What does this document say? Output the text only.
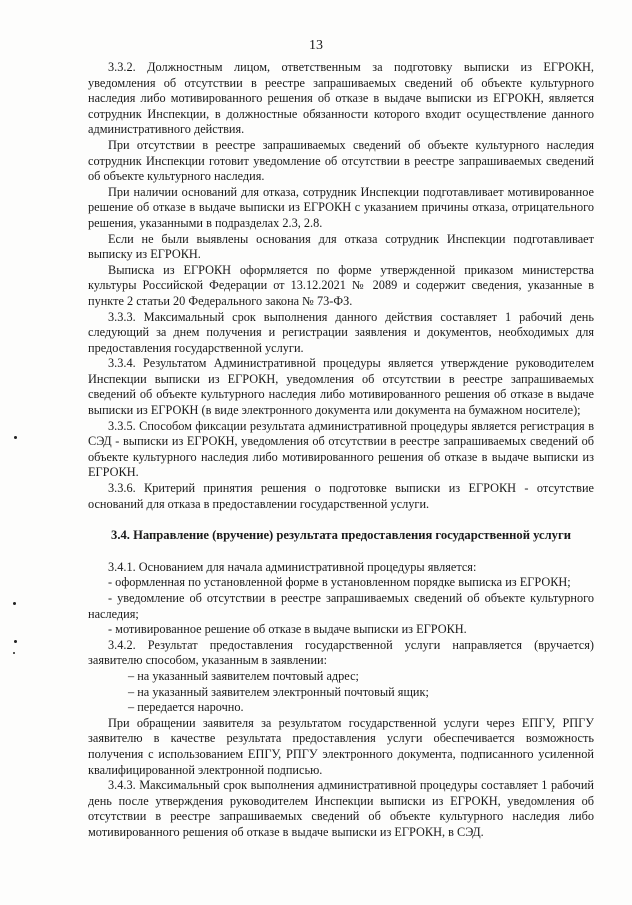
13

3.3.2. Должностным лицом, ответственным за подготовку выписки из ЕГРОКН, уведомления об отсутствии в реестре запрашиваемых сведений об объекте культурного наследия либо мотивированного решения об отказе в выдаче выписки из ЕГРОКН, является сотрудник Инспекции, в должностные обязанности которого входит осуществление данного административного действия.

При отсутствии в реестре запрашиваемых сведений об объекте культурного наследия сотрудник Инспекции готовит уведомление об отсутствии в реестре запрашиваемых сведений об объекте культурного наследия.

При наличии оснований для отказа, сотрудник Инспекции подготавливает мотивированное решение об отказе в выдаче выписки из ЕГРОКН с указанием причины отказа, отрицательного решения, указанными в подразделах 2.3, 2.8.

Если не были выявлены основания для отказа сотрудник Инспекции подготавливает выписку из ЕГРОКН.

Выписка из ЕГРОКН оформляется по форме утвержденной приказом министерства культуры Российской Федерации от 13.12.2021 № 2089 и содержит сведения, указанные в пункте 2 статьи 20 Федерального закона № 73-ФЗ.

3.3.3. Максимальный срок выполнения данного действия составляет 1 рабочий день следующий за днем получения и регистрации заявления и документов, необходимых для предоставления государственной услуги.

3.3.4. Результатом Административной процедуры является утверждение руководителем Инспекции выписки из ЕГРОКН, уведомления об отсутствии в реестре запрашиваемых сведений об объекте культурного наследия либо мотивированного решения об отказе в выдаче выписки из ЕГРОКН (в виде электронного документа или документа на бумажном носителе);

3.3.5. Способом фиксации результата административной процедуры является регистрация в СЭД - выписки из ЕГРОКН, уведомления об отсутствии в реестре запрашиваемых сведений об объекте культурного наследия либо мотивированного решения об отказе в выдаче выписки из ЕГРОКН.

3.3.6. Критерий принятия решения о подготовке выписки из ЕГРОКН - отсутствие оснований для отказа в предоставлении государственной услуги.

3.4. Направление (вручение) результата предоставления государственной услуги

3.4.1. Основанием для начала административной процедуры является:

- оформленная по установленной форме в установленном порядке выписка из ЕГРОКН;

- уведомление об отсутствии в реестре запрашиваемых сведений об объекте культурного наследия;

- мотивированное решение об отказе в выдаче выписки из ЕГРОКН.

3.4.2. Результат предоставления государственной услуги направляется (вручается) заявителю способом, указанным в заявлении:

– на указанный заявителем почтовый адрес;

– на указанный заявителем электронный почтовый ящик;

– передается нарочно.

При обращении заявителя за результатом государственной услуги через ЕПГУ, РПГУ заявителю в качестве результата предоставления услуги обеспечивается возможность получения с использованием ЕПГУ, РПГУ электронного документа, подписанного усиленной квалифицированной электронной подписью.

3.4.3. Максимальный срок выполнения административной процедуры составляет 1 рабочий день после утверждения руководителем Инспекции выписки из ЕГРОКН, уведомления об отсутствии в реестре запрашиваемых сведений об объекте культурного наследия либо мотивированного решения об отказе в выдаче выписки из ЕГРОКН, в СЭД.
